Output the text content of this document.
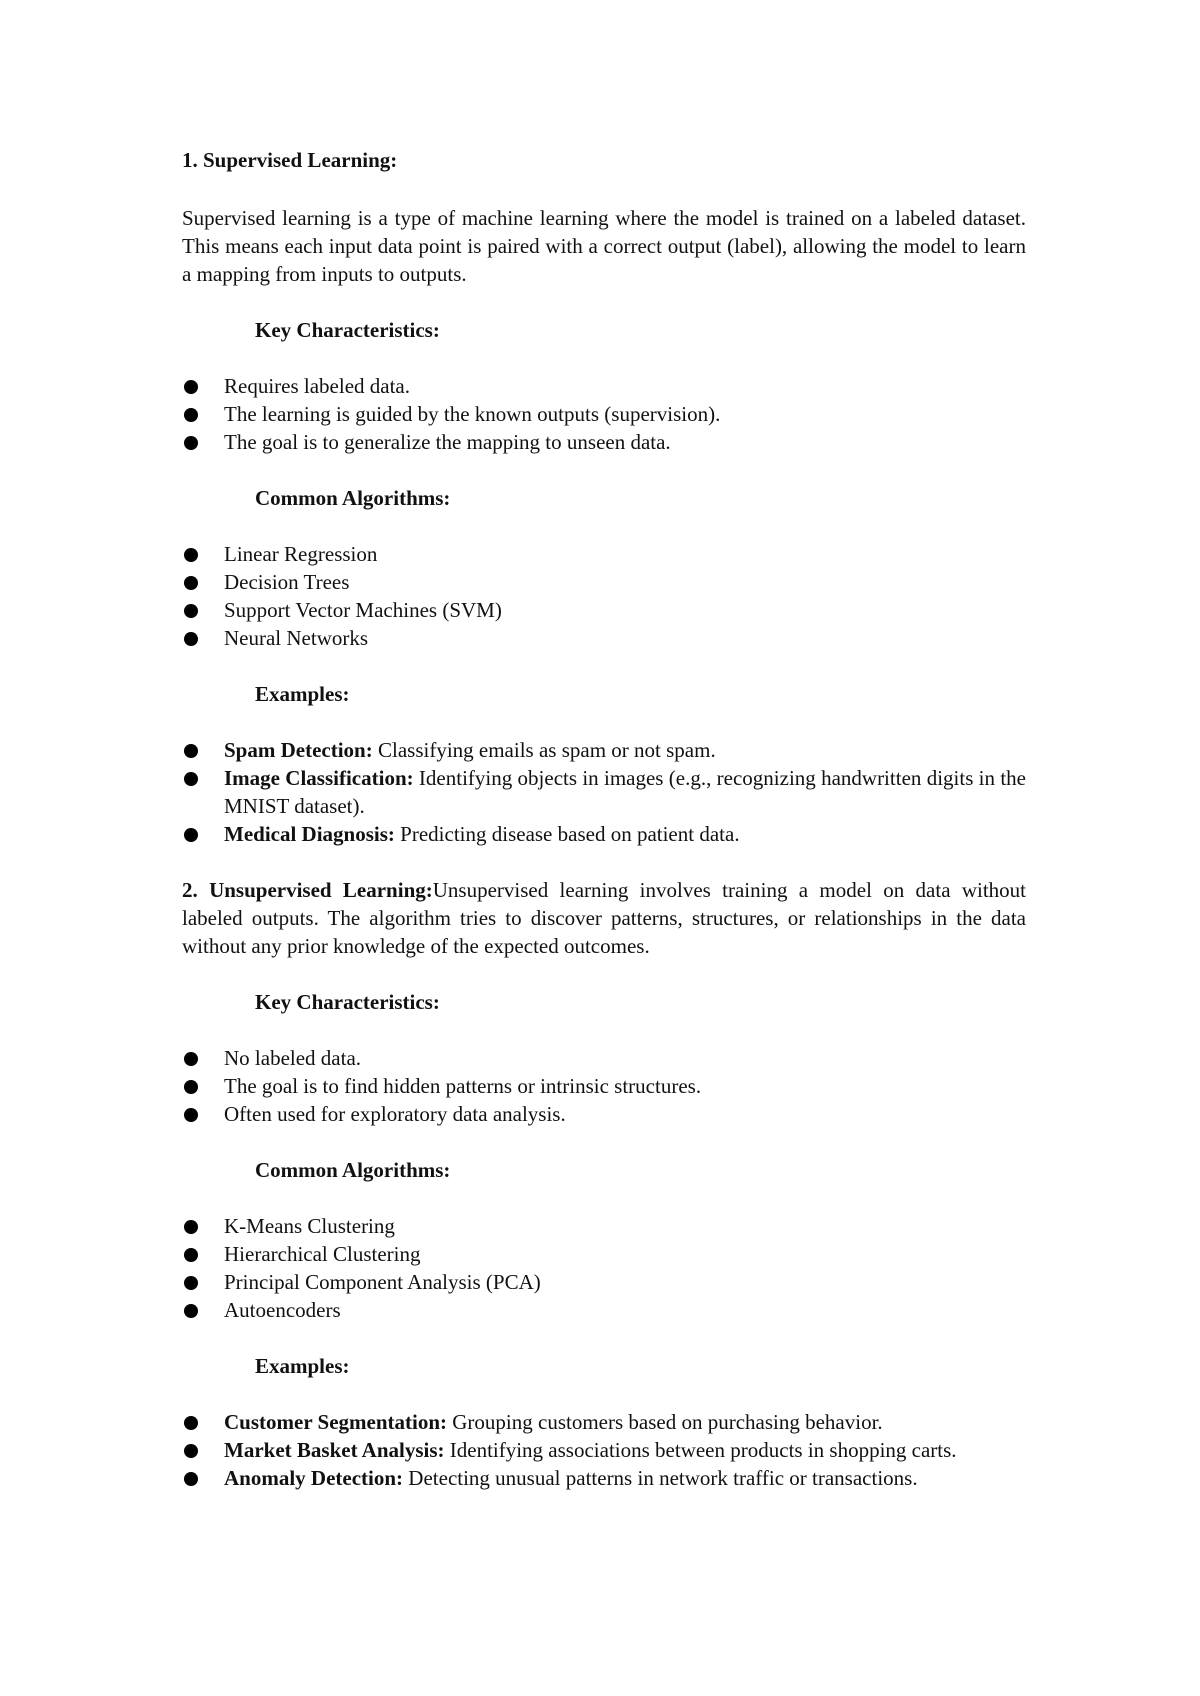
1. Supervised Learning:
Supervised learning is a type of machine learning where the model is trained on a labeled dataset. This means each input data point is paired with a correct output (label), allowing the model to learn a mapping from inputs to outputs.
Key Characteristics:
Requires labeled data.
The learning is guided by the known outputs (supervision).
The goal is to generalize the mapping to unseen data.
Common Algorithms:
Linear Regression
Decision Trees
Support Vector Machines (SVM)
Neural Networks
Examples:
Spam Detection: Classifying emails as spam or not spam.
Image Classification: Identifying objects in images (e.g., recognizing handwritten digits in the MNIST dataset).
Medical Diagnosis: Predicting disease based on patient data.
2. Unsupervised Learning:Unsupervised learning involves training a model on data without labeled outputs. The algorithm tries to discover patterns, structures, or relationships in the data without any prior knowledge of the expected outcomes.
Key Characteristics:
No labeled data.
The goal is to find hidden patterns or intrinsic structures.
Often used for exploratory data analysis.
Common Algorithms:
K-Means Clustering
Hierarchical Clustering
Principal Component Analysis (PCA)
Autoencoders
Examples:
Customer Segmentation: Grouping customers based on purchasing behavior.
Market Basket Analysis: Identifying associations between products in shopping carts.
Anomaly Detection: Detecting unusual patterns in network traffic or transactions.
